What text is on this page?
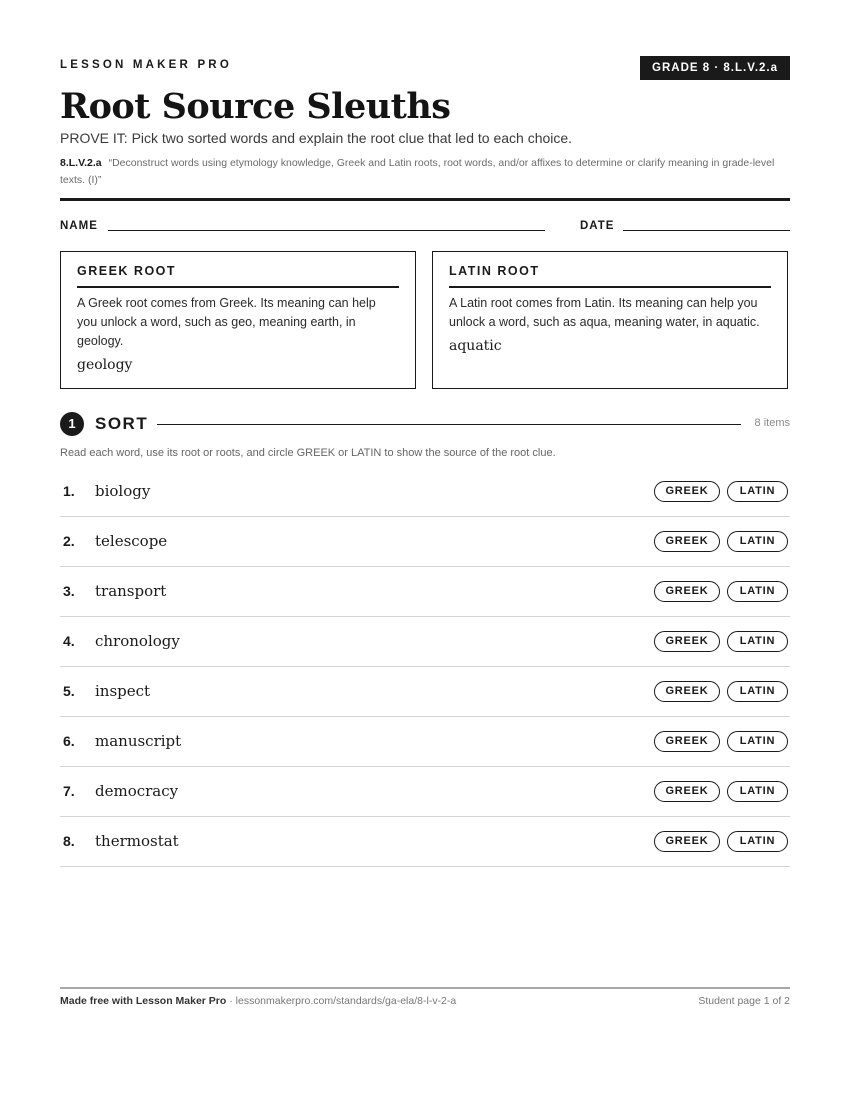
LESSON MAKER PRO	GRADE 8 · 8.L.V.2.a
Root Source Sleuths
PROVE IT: Pick two sorted words and explain the root clue that led to each choice.
8.L.V.2.a “Deconstruct words using etymology knowledge, Greek and Latin roots, root words, and/or affixes to determine or clarify meaning in grade-level texts. (I)”
NAME	DATE
GREEK ROOT
A Greek root comes from Greek. Its meaning can help you unlock a word, such as geo, meaning earth, in geology.
geology
LATIN ROOT
A Latin root comes from Latin. Its meaning can help you unlock a word, such as aqua, meaning water, in aquatic.
aquatic
1	SORT	8 items
Read each word, use its root or roots, and circle GREEK or LATIN to show the source of the root clue.
1. biology	GREEK	LATIN
2. telescope	GREEK	LATIN
3. transport	GREEK	LATIN
4. chronology	GREEK	LATIN
5. inspect	GREEK	LATIN
6. manuscript	GREEK	LATIN
7. democracy	GREEK	LATIN
8. thermostat	GREEK	LATIN
Made free with Lesson Maker Pro · lessonmakerpro.com/standards/ga-ela/8-l-v-2-a	Student page 1 of 2
